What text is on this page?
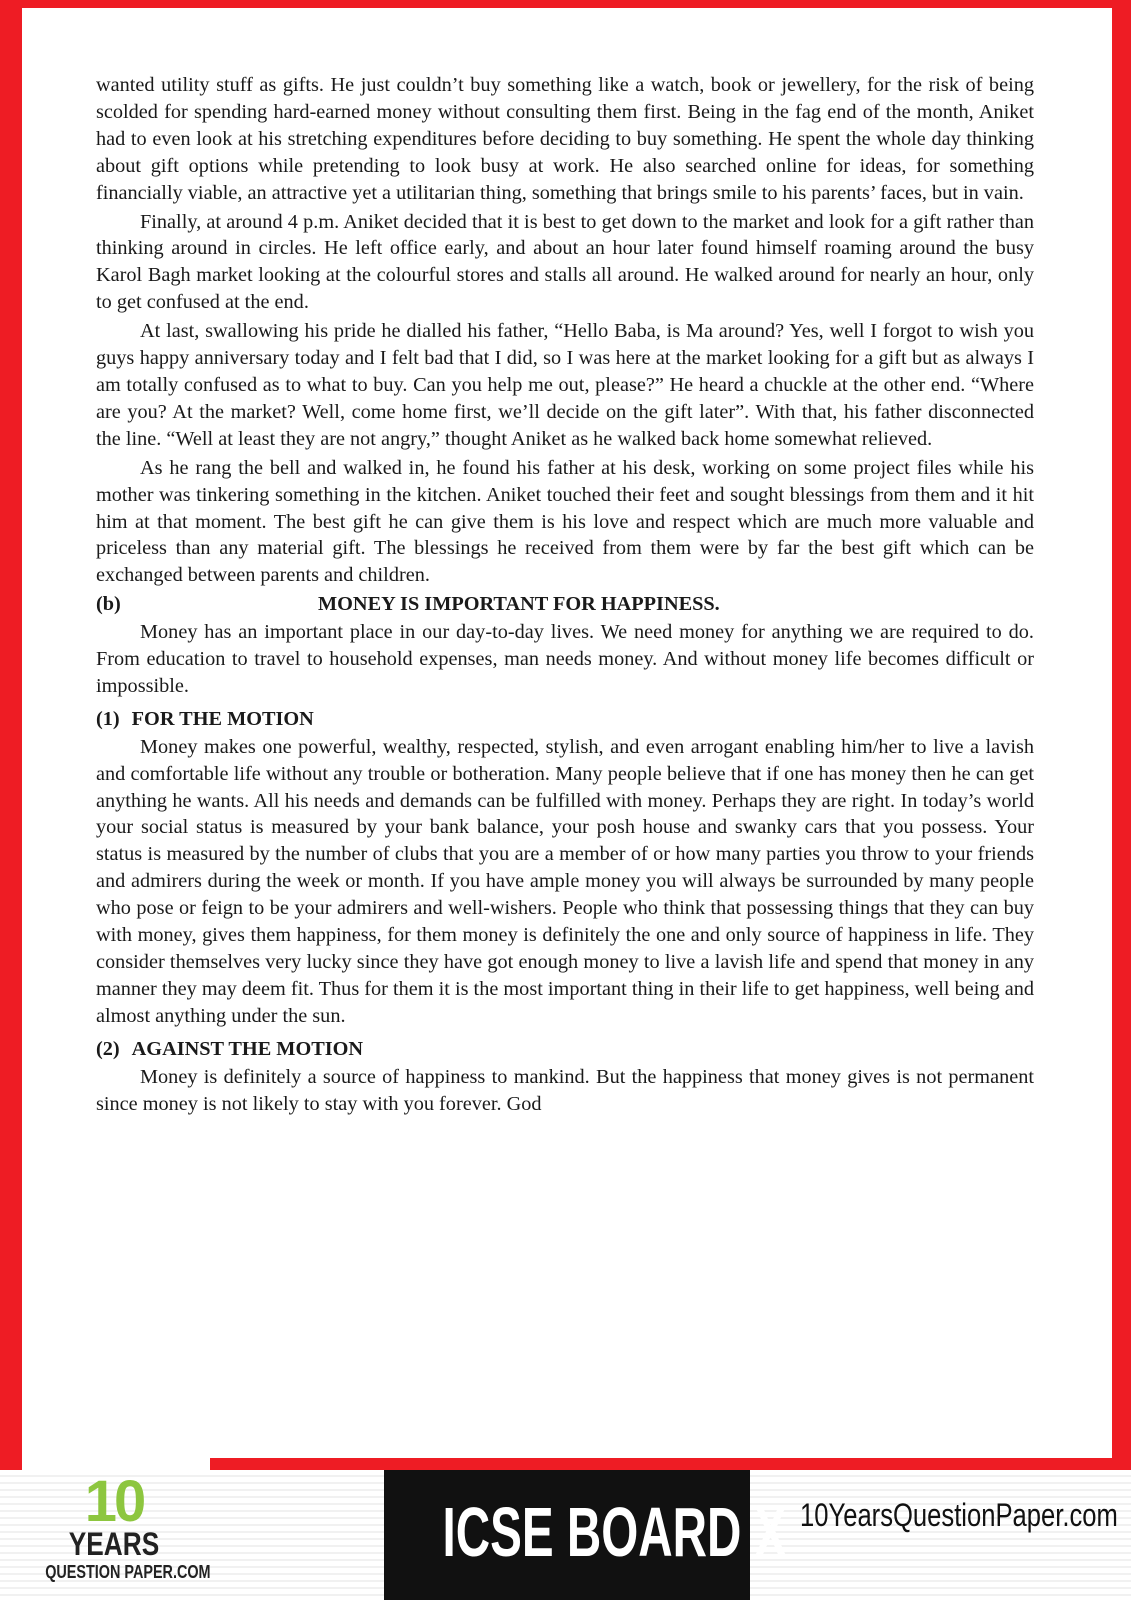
wanted utility stuff as gifts. He just couldn’t buy something like a watch, book or jewellery, for the risk of being scolded for spending hard-earned money without consulting them first. Being in the fag end of the month, Aniket had to even look at his stretching expenditures before deciding to buy something. He spent the whole day thinking about gift options while pretending to look busy at work. He also searched online for ideas, for something financially viable, an attractive yet a utilitarian thing, something that brings smile to his parents’ faces, but in vain.

Finally, at around 4 p.m. Aniket decided that it is best to get down to the market and look for a gift rather than thinking around in circles. He left office early, and about an hour later found himself roaming around the busy Karol Bagh market looking at the colourful stores and stalls all around. He walked around for nearly an hour, only to get confused at the end.

At last, swallowing his pride he dialled his father, “Hello Baba, is Ma around? Yes, well I forgot to wish you guys happy anniversary today and I felt bad that I did, so I was here at the market looking for a gift but as always I am totally confused as to what to buy. Can you help me out, please?” He heard a chuckle at the other end. “Where are you? At the market? Well, come home first, we’ll decide on the gift later”. With that, his father disconnected the line. “Well at least they are not angry,” thought Aniket as he walked back home somewhat relieved.

As he rang the bell and walked in, he found his father at his desk, working on some project files while his mother was tinkering something in the kitchen. Aniket touched their feet and sought blessings from them and it hit him at that moment. The best gift he can give them is his love and respect which are much more valuable and priceless than any material gift. The blessings he received from them were by far the best gift which can be exchanged between parents and children.

(b)	MONEY IS IMPORTANT FOR HAPPINESS.

Money has an important place in our day-to-day lives. We need money for anything we are required to do. From education to travel to household expenses, man needs money. And without money life becomes difficult or impossible.

(1) FOR THE MOTION

Money makes one powerful, wealthy, respected, stylish, and even arrogant enabling him/her to live a lavish and comfortable life without any trouble or botheration. Many people believe that if one has money then he can get anything he wants. All his needs and demands can be fulfilled with money. Perhaps they are right. In today’s world your social status is measured by your bank balance, your posh house and swanky cars that you possess. Your status is measured by the number of clubs that you are a member of or how many parties you throw to your friends and admirers during the week or month. If you have ample money you will always be surrounded by many people who pose or feign to be your admirers and well-wishers. People who think that possessing things that they can buy with money, gives them happiness, for them money is definitely the one and only source of happiness in life. They consider themselves very lucky since they have got enough money to live a lavish life and spend that money in any manner they may deem fit. Thus for them it is the most important thing in their life to get happiness, well being and almost anything under the sun.

(2) AGAINST THE MOTION

Money is definitely a source of happiness to mankind. But the happiness that money gives is not permanent since money is not likely to stay with you forever. God

10
YEARS
QUESTION PAPER.COM
ICSE BOARD X 10YearsQuestionPaper.com
